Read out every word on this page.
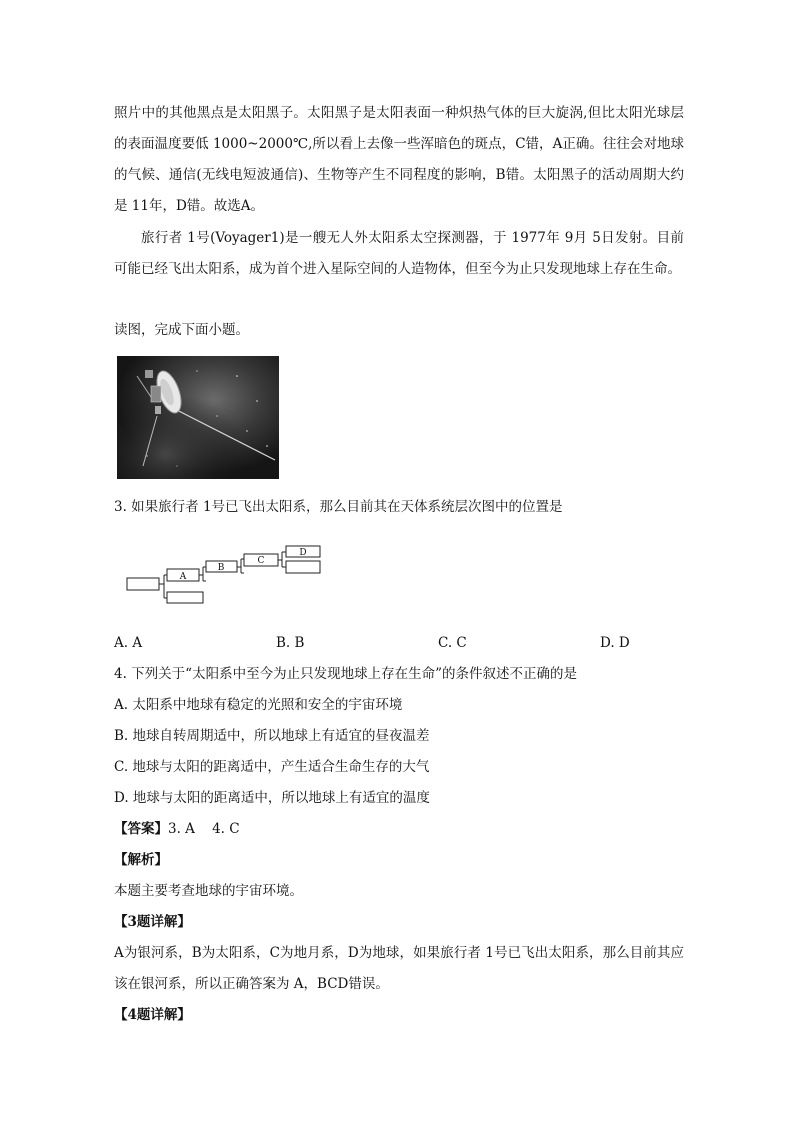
照片中的其他黑点是太阳黑子。太阳黑子是太阳表面一种炽热气体的巨大旋涡,但比太阳光球层的表面温度要低 1000~2000℃,所以看上去像一些浑暗色的斑点，C错，A正确。往往会对地球的气候、通信(无线电短波通信)、生物等产生不同程度的影响，B错。太阳黑子的活动周期大约是 11年，D错。故选A。

旅行者 1号(Voyager1)是一艘无人外太阳系太空探测器，于 1977年 9月 5日发射。目前可能已经飞出太阳系，成为首个进入星际空间的人造物体，但至今为止只发现地球上存在生命。

读图，完成下面小题。

3. 如果旅行者 1号已飞出太阳系，那么目前其在天体系统层次图中的位置是

A
B
C
D
A. A	B. B	C. C	D. D

4. 下列关于“太阳系中至今为止只发现地球上存在生命”的条件叙述不正确的是

A. 太阳系中地球有稳定的光照和安全的宇宙环境

B. 地球自转周期适中，所以地球上有适宜的昼夜温差

C. 地球与太阳的距离适中，产生适合生命生存的大气

D. 地球与太阳的距离适中，所以地球上有适宜的温度

【答案】3. A    4. C

【解析】

本题主要考查地球的宇宙环境。

【3题详解】

A为银河系，B为太阳系，C为地月系，D为地球，如果旅行者 1号已飞出太阳系，那么目前其应该在银河系，所以正确答案为 A，BCD错误。

【4题详解】
